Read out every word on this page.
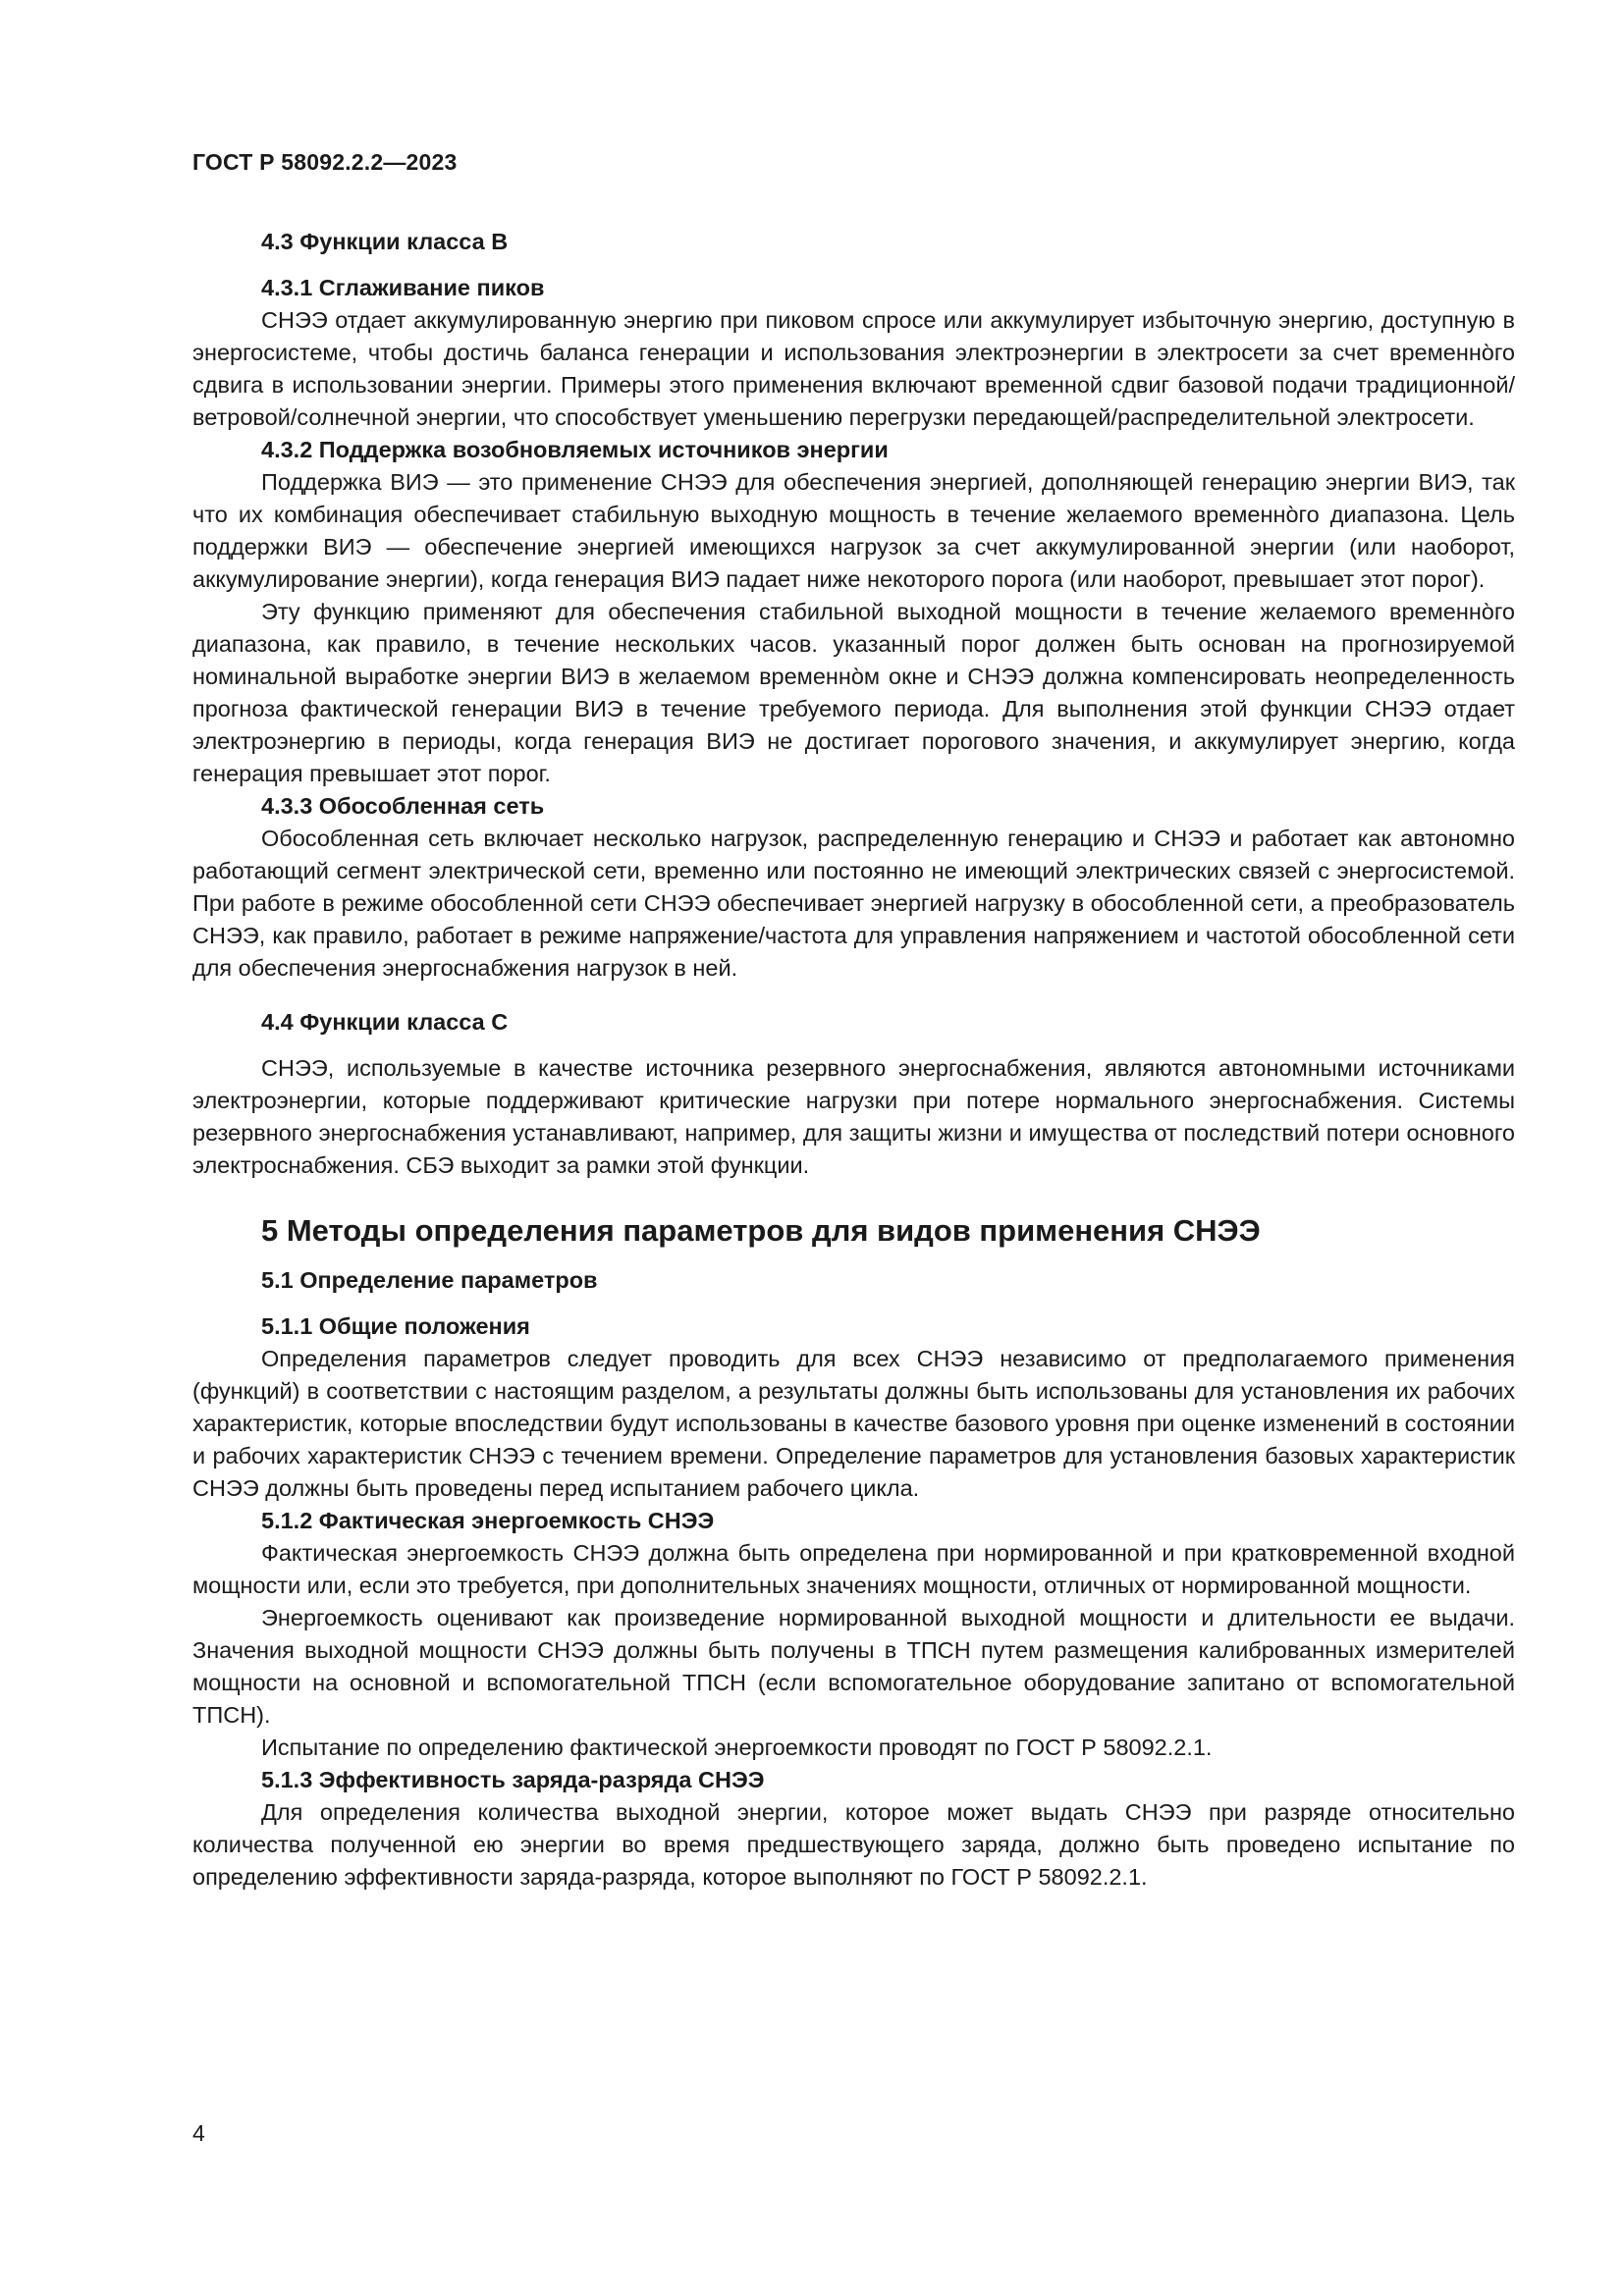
ГОСТ Р 58092.2.2—2023
4.3 Функции класса B
4.3.1 Сглаживание пиков

СНЭЭ отдает аккумулированную энергию при пиковом спросе или аккумулирует избыточную энергию, доступную в энергосистеме, чтобы достичь баланса генерации и использования электроэнергии в электросети за счет временно̀го сдвига в использовании энергии. Примеры этого применения включают временной сдвиг базовой подачи традиционной/ветровой/солнечной энергии, что способствует уменьшению перегрузки передающей/распределительной электросети.

4.3.2 Поддержка возобновляемых источников энергии

Поддержка ВИЭ — это применение СНЭЭ для обеспечения энергией, дополняющей генерацию энергии ВИЭ, так что их комбинация обеспечивает стабильную выходную мощность в течение желаемого временно̀го диапазона. Цель поддержки ВИЭ — обеспечение энергией имеющихся нагрузок за счет аккумулированной энергии (или наоборот, аккумулирование энергии), когда генерация ВИЭ падает ниже некоторого порога (или наоборот, превышает этот порог).

Эту функцию применяют для обеспечения стабильной выходной мощности в течение желаемого временно̀го диапазона, как правило, в течение нескольких часов. указанный порог должен быть основан на прогнозируемой номинальной выработке энергии ВИЭ в желаемом временно̀м окне и СНЭЭ должна компенсировать неопределенность прогноза фактической генерации ВИЭ в течение требуемого периода. Для выполнения этой функции СНЭЭ отдает электроэнергию в периоды, когда генерация ВИЭ не достигает порогового значения, и аккумулирует энергию, когда генерация превышает этот порог.

4.3.3 Обособленная сеть

Обособленная сеть включает несколько нагрузок, распределенную генерацию и СНЭЭ и работает как автономно работающий сегмент электрической сети, временно или постоянно не имеющий электрических связей с энергосистемой. При работе в режиме обособленной сети СНЭЭ обеспечивает энергией нагрузку в обособленной сети, а преобразователь СНЭЭ, как правило, работает в режиме напряжение/частота для управления напряжением и частотой обособленной сети для обеспечения энергоснабжения нагрузок в ней.

4.4 Функции класса C

СНЭЭ, используемые в качестве источника резервного энергоснабжения, являются автономными источниками электроэнергии, которые поддерживают критические нагрузки при потере нормального энергоснабжения. Системы резервного энергоснабжения устанавливают, например, для защиты жизни и имущества от последствий потери основного электроснабжения. СБЭ выходит за рамки этой функции.

5 Методы определения параметров для видов применения СНЭЭ
5.1 Определение параметров
5.1.1 Общие положения

Определения параметров следует проводить для всех СНЭЭ независимо от предполагаемого применения (функций) в соответствии с настоящим разделом, а результаты должны быть использованы для установления их рабочих характеристик, которые впоследствии будут использованы в качестве базового уровня при оценке изменений в состоянии и рабочих характеристик СНЭЭ с течением времени. Определение параметров для установления базовых характеристик СНЭЭ должны быть проведены перед испытанием рабочего цикла.

5.1.2 Фактическая энергоемкость СНЭЭ

Фактическая энергоемкость СНЭЭ должна быть определена при нормированной и при кратковременной входной мощности или, если это требуется, при дополнительных значениях мощности, отличных от нормированной мощности.

Энергоемкость оценивают как произведение нормированной выходной мощности и длительности ее выдачи. Значения выходной мощности СНЭЭ должны быть получены в ТПСН путем размещения калиброванных измерителей мощности на основной и вспомогательной ТПСН (если вспомогательное оборудование запитано от вспомогательной ТПСН).

Испытание по определению фактической энергоемкости проводят по ГОСТ Р 58092.2.1.

5.1.3 Эффективность заряда-разряда СНЭЭ

Для определения количества выходной энергии, которое может выдать СНЭЭ при разряде относительно количества полученной ею энергии во время предшествующего заряда, должно быть проведено испытание по определению эффективности заряда-разряда, которое выполняют по ГОСТ Р 58092.2.1.

4
